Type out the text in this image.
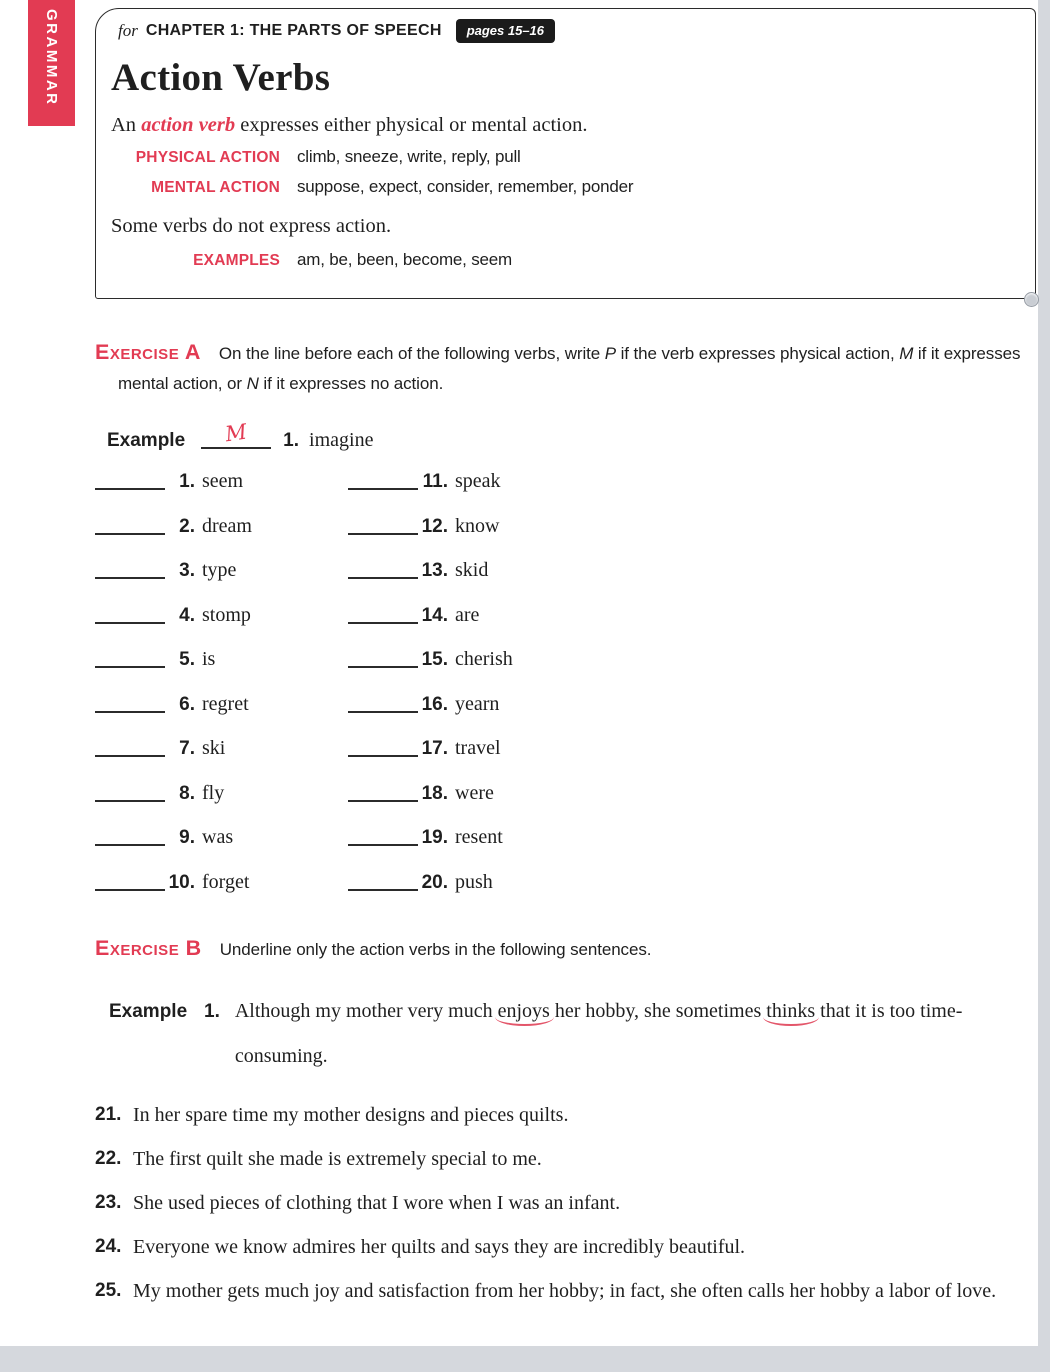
GRAMMAR	for CHAPTER 1: THE PARTS OF SPEECH	pages 15–16
Action Verbs

An action verb expresses either physical or mental action.

PHYSICAL ACTION climb, sneeze, write, reply, pull
MENTAL ACTION suppose, expect, consider, remember, ponder

Some verbs do not express action.

EXAMPLES am, be, been, become, seem

Exercise A On the line before each of the following verbs, write P if the verb expresses physical action, M if it expresses mental action, or N if it expresses no action.

Example	M	1. imagine
1. seem
2. dream
3. type
4. stomp
5. is
6. regret
7. ski
8. fly
9. was
10. forget
11. speak
12. know
13. skid
14. are
15. cherish
16. yearn
17. travel
18. were
19. resent
20. push

Exercise B Underline only the action verbs in the following sentences.

Example 1. Although my mother very much enjoys her hobby, she sometimes thinks that it is too time-consuming.

21. In her spare time my mother designs and pieces quilts.
22. The first quilt she made is extremely special to me.
23. She used pieces of clothing that I wore when I was an infant.
24. Everyone we know admires her quilts and says they are incredibly beautiful.
25. My mother gets much joy and satisfaction from her hobby; in fact, she often calls her hobby a labor of love.
